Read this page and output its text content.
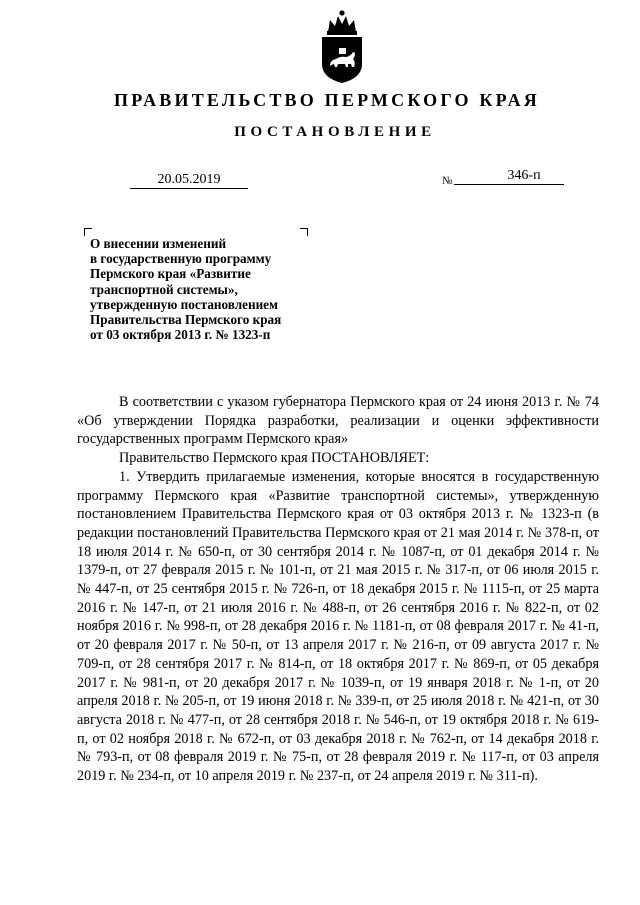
ПРАВИТЕЛЬСТВО ПЕРМСКОГО КРАЯ
ПОСТАНОВЛЕНИЕ
20.05.2019	№	346-п
О внесении изменений
в государственную программу
Пермского края «Развитие
транспортной системы»,
утвержденную постановлением
Правительства Пермского края
от 03 октября 2013 г. № 1323-п

В соответствии с указом губернатора Пермского края от 24 июня 2013 г. № 74 «Об утверждении Порядка разработки, реализации и оценки эффективности государственных программ Пермского края»

Правительство Пермского края ПОСТАНОВЛЯЕТ:

1. Утвердить прилагаемые изменения, которые вносятся в государственную программу Пермского края «Развитие транспортной системы», утвержденную постановлением Правительства Пермского края от 03 октября 2013 г. № 1323-п (в редакции постановлений Правительства Пермского края от 21 мая 2014 г. № 378-п, от 18 июля 2014 г. № 650-п, от 30 сентября 2014 г. № 1087-п, от 01 декабря 2014 г. № 1379-п, от 27 февраля 2015 г. № 101-п, от 21 мая 2015 г. № 317-п, от 06 июля 2015 г. № 447-п, от 25 сентября 2015 г. № 726-п, от 18 декабря 2015 г. № 1115-п, от 25 марта 2016 г. № 147-п, от 21 июля 2016 г. № 488-п, от 26 сентября 2016 г. № 822-п, от 02 ноября 2016 г. № 998-п, от 28 декабря 2016 г. № 1181-п, от 08 февраля 2017 г. № 41-п, от 20 февраля 2017 г. № 50-п, от 13 апреля 2017 г. № 216-п, от 09 августа 2017 г. № 709-п, от 28 сентября 2017 г. № 814-п, от 18 октября 2017 г. № 869-п, от 05 декабря 2017 г. № 981-п, от 20 декабря 2017 г. № 1039-п, от 19 января 2018 г. № 1-п, от 20 апреля 2018 г. № 205-п, от 19 июня 2018 г. № 339-п, от 25 июля 2018 г. № 421-п, от 30 августа 2018 г. № 477-п, от 28 сентября 2018 г. № 546-п, от 19 октября 2018 г. № 619-п, от 02 ноября 2018 г. № 672-п, от 03 декабря 2018 г. № 762-п, от 14 декабря 2018 г. № 793-п, от 08 февраля 2019 г. № 75-п, от 28 февраля 2019 г. № 117-п, от 03 апреля 2019 г. № 234-п, от 10 апреля 2019 г. № 237-п, от 24 апреля 2019 г. № 311-п).
